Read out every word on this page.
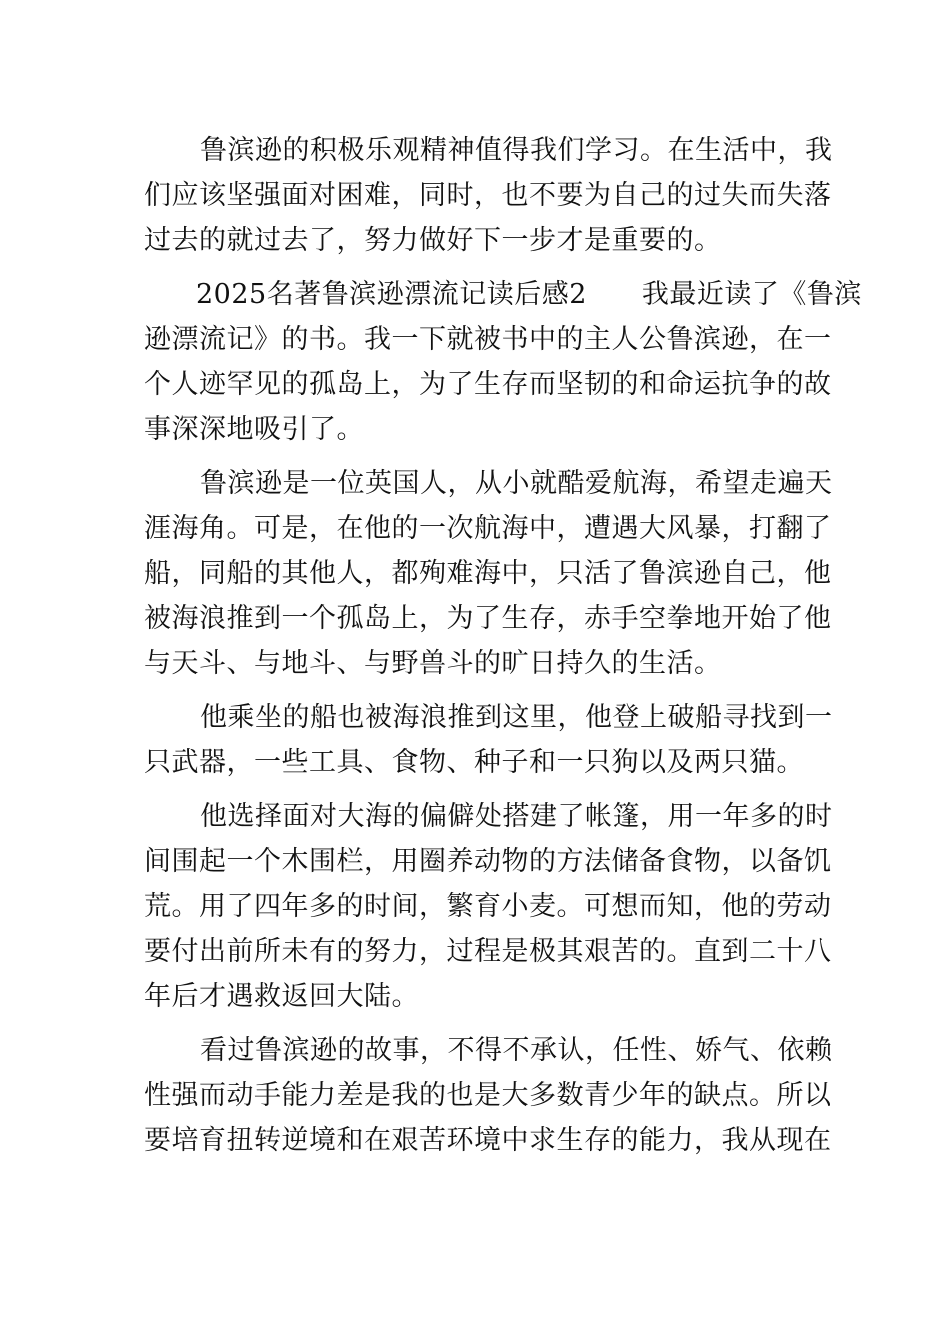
鲁滨逊的积极乐观精神值得我们学习。在生活中，我
们应该坚强面对困难，同时，也不要为自己的过失而失落
过去的就过去了，努力做好下一步才是重要的。
2025名著鲁滨逊漂流记读后感2　　我最近读了《鲁滨
逊漂流记》的书。我一下就被书中的主人公鲁滨逊，在一
个人迹罕见的孤岛上，为了生存而坚韧的和命运抗争的故
事深深地吸引了。
鲁滨逊是一位英国人，从小就酷爱航海，希望走遍天
涯海角。可是，在他的一次航海中，遭遇大风暴，打翻了
船，同船的其他人，都殉难海中，只活了鲁滨逊自己，他
被海浪推到一个孤岛上，为了生存，赤手空拳地开始了他
与天斗、与地斗、与野兽斗的旷日持久的生活。
他乘坐的船也被海浪推到这里，他登上破船寻找到一
只武器，一些工具、食物、种子和一只狗以及两只猫。
他选择面对大海的偏僻处搭建了帐篷，用一年多的时
间围起一个木围栏，用圈养动物的方法储备食物，以备饥
荒。用了四年多的时间，繁育小麦。可想而知，他的劳动
要付出前所未有的努力，过程是极其艰苦的。直到二十八
年后才遇救返回大陆。
看过鲁滨逊的故事，不得不承认，任性、娇气、依赖
性强而动手能力差是我的也是大多数青少年的缺点。所以
要培育扭转逆境和在艰苦环境中求生存的能力，我从现在
